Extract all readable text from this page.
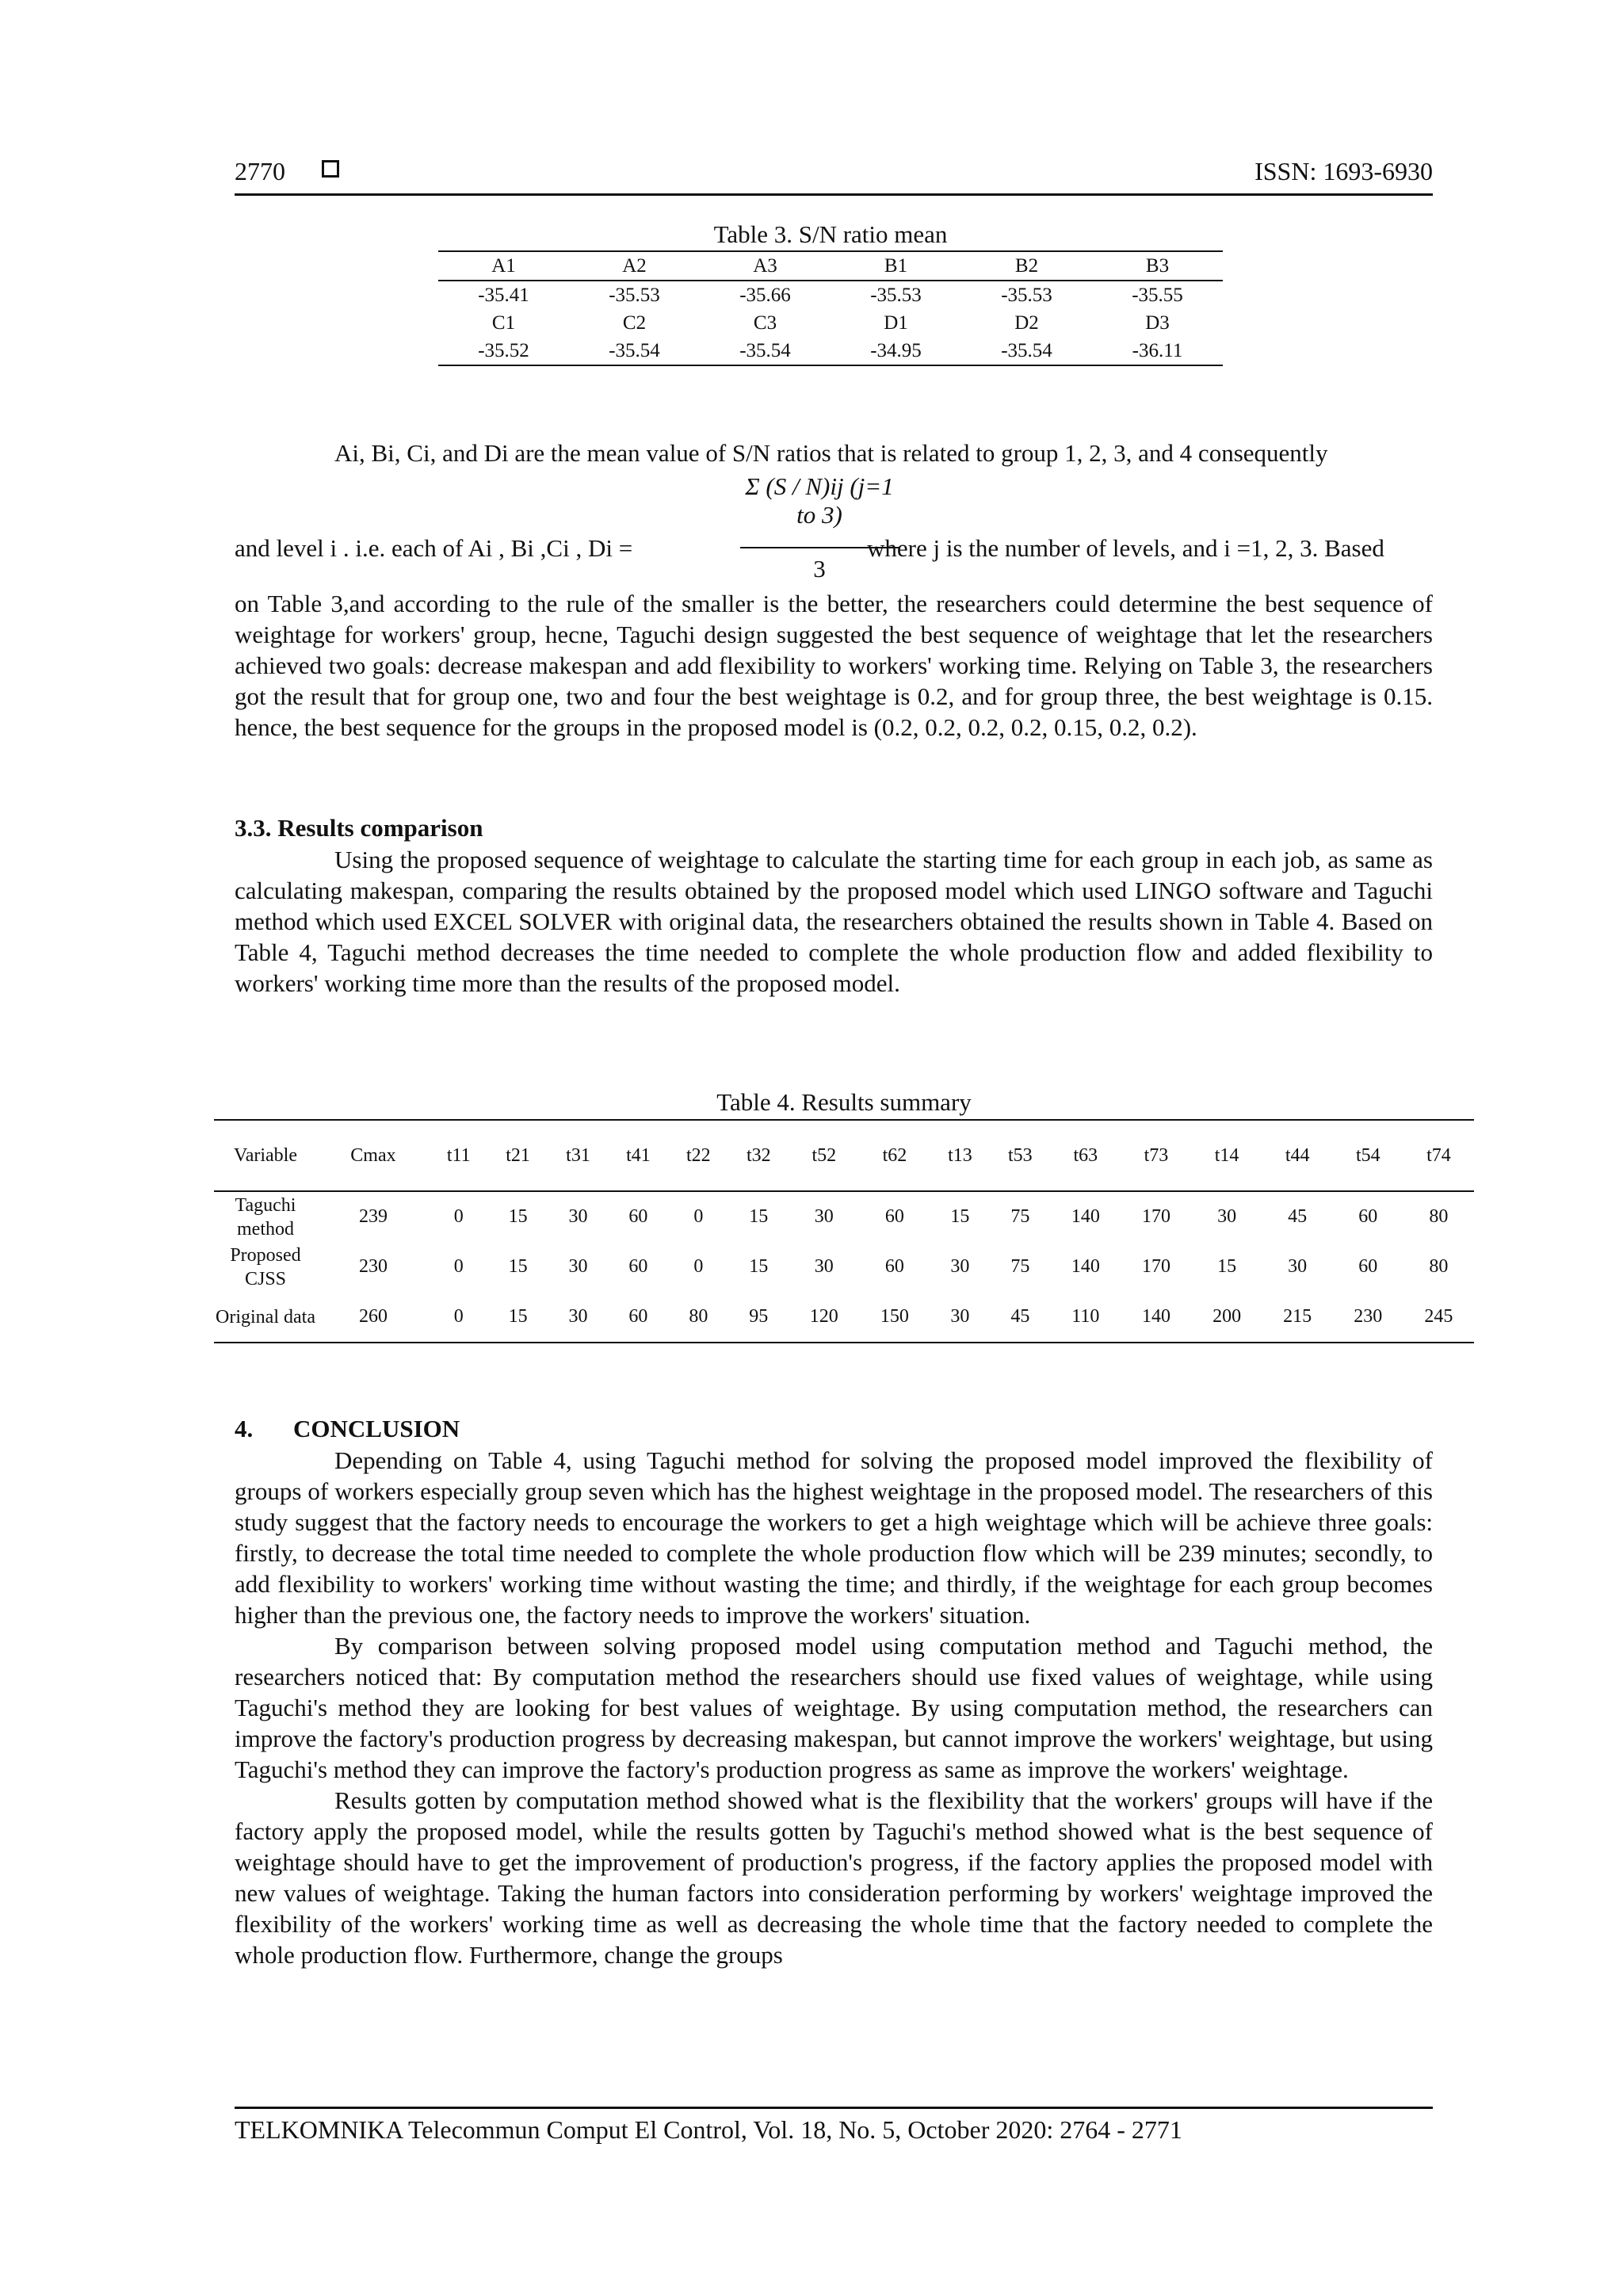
2770	ISSN: 1693-6930
Table 3. S/N ratio mean
A1	A2	A3	B1	B2	B3
-35.41	-35.53	-35.66	-35.53	-35.53	-35.55
C1	C2	C3	D1	D2	D3
-35.52	-35.54	-35.54	-34.95	-35.54	-36.11
Ai, Bi, Ci, and Di are the mean value of S/N ratios that is related to group 1, 2, 3, and 4 consequently
and level i . i.e. each of Ai , Bi ,Ci , Di =
Σ (S / N)ij (j=1 to 3)
3
where j is the number of levels, and i =1, 2, 3. Based
on Table 3,and according to the rule of the smaller is the better, the researchers could determine the best sequence of weightage for workers' group, hecne, Taguchi design suggested the best sequence of weightage that let the researchers achieved two goals: decrease makespan and add flexibility to workers' working time. Relying on Table 3, the researchers got the result that for group one, two and four the best weightage is 0.2, and for group three, the best weightage is 0.15. hence, the best sequence for the groups in the proposed model is (0.2, 0.2, 0.2, 0.2, 0.15, 0.2, 0.2).
3.3. Results comparison
Using the proposed sequence of weightage to calculate the starting time for each group in each job, as same as calculating makespan, comparing the results obtained by the proposed model which used LINGO software and Taguchi method which used EXCEL SOLVER with original data, the researchers obtained the results shown in Table 4. Based on Table 4, Taguchi method decreases the time needed to complete the whole production flow and added flexibility to workers' working time more than the results of the proposed model.
Table 4. Results summary
Variable	Cmax	t11	t21	t31	t41	t22	t32	t52	t62	t13	t53	t63	t73	t14	t44	t54	t74
Taguchi method	239	0	15	30	60	0	15	30	60	15	75	140	170	30	45	60	80
Proposed CJSS	230	0	15	30	60	0	15	30	60	30	75	140	170	15	30	60	80
Original data	260	0	15	30	60	80	95	120	150	30	45	110	140	200	215	230	245
4. CONCLUSION

Depending on Table 4, using Taguchi method for solving the proposed model improved the flexibility of groups of workers especially group seven which has the highest weightage in the proposed model. The researchers of this study suggest that the factory needs to encourage the workers to get a high weightage which will be achieve three goals: firstly, to decrease the total time needed to complete the whole production flow which will be 239 minutes; secondly, to add flexibility to workers' working time without wasting the time; and thirdly, if the weightage for each group becomes higher than the previous one, the factory needs to improve the workers' situation.

By comparison between solving proposed model using computation method and Taguchi method, the researchers noticed that: By computation method the researchers should use fixed values of weightage, while using Taguchi's method they are looking for best values of weightage. By using computation method, the researchers can improve the factory's production progress by decreasing makespan, but cannot improve the workers' weightage, but using Taguchi's method they can improve the factory's production progress as same as improve the workers' weightage.

Results gotten by computation method showed what is the flexibility that the workers' groups will have if the factory apply the proposed model, while the results gotten by Taguchi's method showed what is the best sequence of weightage should have to get the improvement of production's progress, if the factory applies the proposed model with new values of weightage. Taking the human factors into consideration performing by workers' weightage improved the flexibility of the workers' working time as well as decreasing the whole time that the factory needed to complete the whole production flow. Furthermore, change the groups

TELKOMNIKA Telecommun Comput El Control, Vol. 18, No. 5, October 2020: 2764 - 2771
